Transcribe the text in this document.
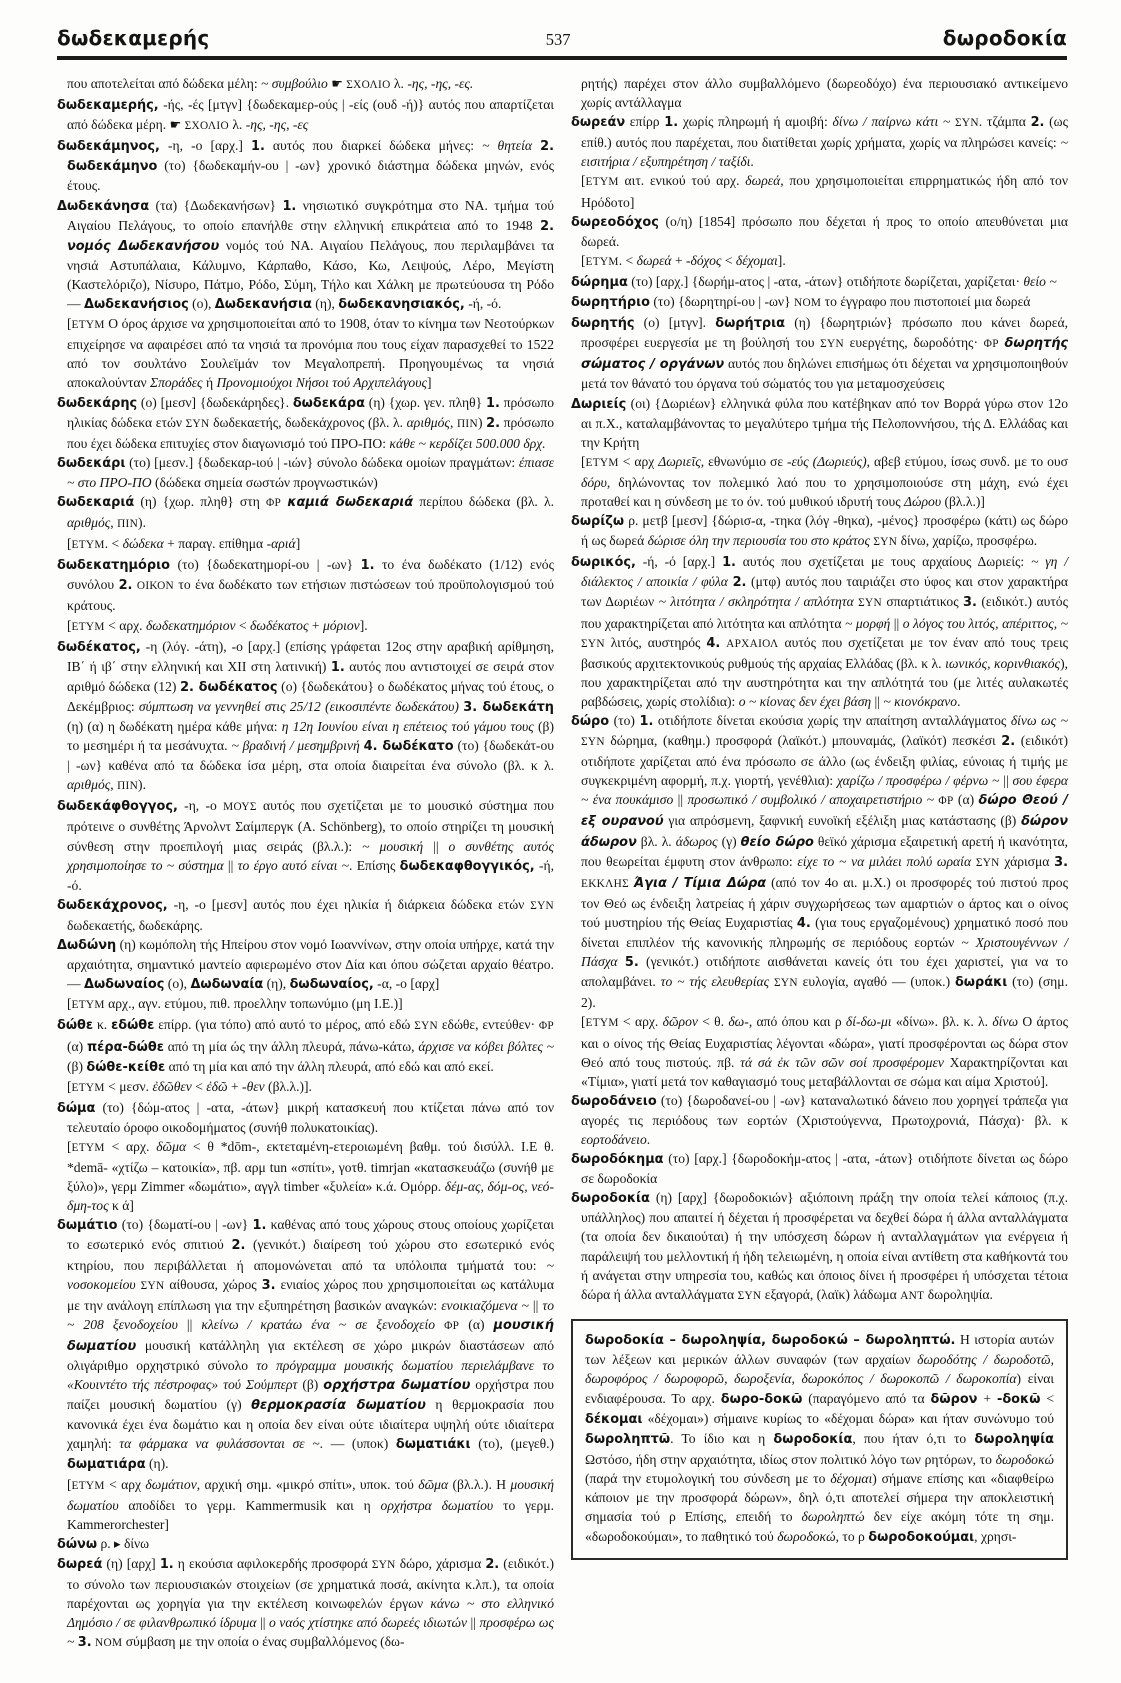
δωδεκαμερής	537	δωροδοκία

που αποτελείται από δώδεκα μέλη: ~ συμβούλιο ☛ ΣΧΟΛΙΟ λ. -ης, -ης, -ες.

δωδεκαμερής, -ής, -ές [μτγν] {δωδεκαμερ-ούς | -είς (ουδ -ή)} αυτός που απαρτίζεται από δώδεκα μέρη. ☛ ΣΧΟΛΙΟ λ. -ης, -ης, -ες

δωδεκάμηνος, -η, -ο [αρχ.] 1. αυτός που διαρκεί δώδεκα μήνες: ~ θητεία 2. δωδεκάμηνο (το) {δωδεκαμήν-ου | -ων} χρονικό διάστημα δώδεκα μηνών, ενός έτους.

Δωδεκάνησα (τα) {Δωδεκανήσων} 1. νησιωτικό συγκρότημα στο ΝΑ. τμήμα τού Αιγαίου Πελάγους, το οποίο επανήλθε στην ελληνική επικράτεια από το 1948 2. νομός Δωδεκανήσου νομός τού ΝΑ. Αιγαίου Πελάγους, που περιλαμβάνει τα νησιά Αστυπάλαια, Κάλυμνο, Κάρπαθο, Κάσο, Κω, Λειψούς, Λέρο, Μεγίστη (Καστελόριζο), Νίσυρο, Πάτμο, Ρόδο, Σύμη, Τήλο και Χάλκη με πρωτεύουσα τη Ρόδο — Δωδεκανήσιος (ο), Δωδεκανήσια (η), δωδεκανησιακός, -ή, -ό.

[ΕΤΥΜ Ο όρος άρχισε να χρησιμοποιείται από το 1908, όταν το κίνημα των Νεοτούρκων επιχείρησε να αφαιρέσει από τα νησιά τα προνόμια που τους είχαν παρασχεθεί το 1522 από τον σουλτάνο Σουλεϊμάν τον Μεγαλοπρεπή. Προηγουμένως τα νησιά αποκαλούνταν Σποράδες ή Προνομιούχοι Νήσοι τού Αρχιπελάγους]

δωδεκάρης (ο) [μεσν] {δωδεκάρηδες}. δωδεκάρα (η) {χωρ. γεν. πληθ} 1. πρόσωπο ηλικίας δώδεκα ετών ΣΥΝ δωδεκαετής, δωδεκάχρονος (βλ. λ. αριθμός, ΠΙΝ) 2. πρόσωπο που έχει δώδεκα επιτυχίες στον διαγωνισμό τού ΠΡΟ-ΠΟ: κάθε ~ κερδίζει 500.000 δρχ.

δωδεκάρι (το) [μεσν.] {δωδεκαρ-ιού | -ιών} σύνολο δώδεκα ομοίων πραγμάτων: έπιασε ~ στο ΠΡΟ-ΠΟ (δώδεκα σημεία σωστών προγνωστικών)

δωδεκαριά (η) {χωρ. πληθ} στη ΦΡ καμιά δωδεκαριά περίπου δώδεκα (βλ. λ. αριθμός, ΠΙΝ).

[ΕΤΥΜ. < δώδεκα + παραγ. επίθημα -αριά]

δωδεκατημόριο (το) {δωδεκατημορί-ου | -ων} 1. το ένα δωδέκατο (1/12) ενός συνόλου 2. ΟΙΚΟΝ το ένα δωδέκατο των ετήσιων πιστώσεων τού προϋπολογισμού τού κράτους.

[ΕΤΥΜ < αρχ. δωδεκατημόριον < δωδέκατος + μόριον].

δωδέκατος, -η (λόγ. -άτη), -ο [αρχ.] (επίσης γράφεται 12ος στην αραβική αρίθμηση, ΙΒ΄ ή ιβ΄ στην ελληνική και XII στη λατινική) 1. αυτός που αντιστοιχεί σε σειρά στον αριθμό δώδεκα (12) 2. δωδέκατος (ο) {δωδεκάτου} ο δωδέκατος μήνας τού έτους, ο Δεκέμβριος: σύμπτωση να γεννηθεί στις 25/12 (εικοσιπέντε δωδεκάτου) 3. δωδεκάτη (η) (α) η δωδέκατη ημέρα κάθε μήνα: η 12η Ιουνίου είναι η επέτειος τού γάμου τους (β) το μεσημέρι ή τα μεσάνυχτα. ~ βραδινή / μεσημβρινή 4. δωδέκατο (το) {δωδεκάτ-ου | -ων} καθένα από τα δώδεκα ίσα μέρη, στα οποία διαιρείται ένα σύνολο (βλ. κ λ. αριθμός, ΠΙΝ).

δωδεκάφθογγος, -η, -ο ΜΟΥΣ αυτός που σχετίζεται με το μουσικό σύστημα που πρότεινε ο συνθέτης Άρνολντ Σαίμπεργκ (A. Schönberg), το οποίο στηρίζει τη μουσική σύνθεση στην προεπιλογή μιας σειράς (βλ.λ.): ~ μουσική || ο συνθέτης αυτός χρησιμοποίησε το ~ σύστημα || το έργο αυτό είναι ~. Επίσης δωδεκαφθογγικός, -ή, -ό.

δωδεκάχρονος, -η, -ο [μεσν] αυτός που έχει ηλικία ή διάρκεια δώδεκα ετών ΣΥΝ δωδεκαετής, δωδεκάρης.

Δωδώνη (η) κωμόπολη τής Ηπείρου στον νομό Ιωαννίνων, στην οποία υπήρχε, κατά την αρχαιότητα, σημαντικό μαντείο αφιερωμένο στον Δία και όπου σώζεται αρχαίο θέατρο. — Δωδωναίος (ο), Δωδωναία (η), δωδωναίος, -α, -ο [αρχ]

[ΕΤΥΜ αρχ., αγν. ετύμου, πιθ. προελλην τοπωνύμιο (μη Ι.Ε.)]

δώθε κ. εδώθε επίρρ. (για τόπο) από αυτό το μέρος, από εδώ ΣΥΝ εδώθε, εντεύθεν· ΦΡ (α) πέρα-δώθε από τη μία ώς την άλλη πλευρά, πάνω-κάτω, άρχισε να κόβει βόλτες ~ (β) δώθε-κείθε από τη μία και από την άλλη πλευρά, από εδώ και από εκεί.

[ΕΤΥΜ < μεσν. ἐδῶθεν < ἐδῶ + -θεν (βλ.λ.)].

δώμα (το) {δώμ-ατος | -ατα, -άτων} μικρή κατασκευή που κτίζεται πάνω από τον τελευταίο όροφο οικοδομήματος (συνήθ πολυκατοικίας).

[ΕΤΥΜ < αρχ. δῶμα < θ *dōm-, εκτεταμένη-ετεροιωμένη βαθμ. τού δισύλλ. Ι.Ε θ. *demā- «χτίζω – κατοικία», πβ. αρμ tun «σπίτι», γοτθ. timrjan «κατασκευάζω (συνήθ με ξύλο)», γερμ Zimmer «δωμάτιο», αγγλ timber «ξυλεία» κ.ά. Ομόρρ. δέμ-ας, δόμ-ος, νεό-δμη-τος κ ά]

δωμάτιο (το) {δωματί-ου | -ων} 1. καθένας από τους χώρους στους οποίους χωρίζεται το εσωτερικό ενός σπιτιού 2. (γενικότ.) διαίρεση τού χώρου στο εσωτερικό ενός κτηρίου, που περιβάλλεται ή απομονώνεται από τα υπόλοιπα τμήματά του: ~ νοσοκομείου ΣΥΝ αίθουσα, χώρος 3. ενιαίος χώρος που χρησιμοποιείται ως κατάλυμα με την ανάλογη επίπλωση για την εξυπηρέτηση βασικών αναγκών: ενοικιαζόμενα ~ || το ~ 208 ξενοδοχείου || κλείνω / κρατάω ένα ~ σε ξενοδοχείο ΦΡ (α) μουσική δωματίου μουσική κατάλληλη για εκτέλεση σε χώρο μικρών διαστάσεων από ολιγάριθμο ορχηστρικό σύνολο το πρόγραμμα μουσικής δωματίου περιελάμβανε το «Κουιντέτο τής πέστροφας» τού Σούμπερτ (β) ορχήστρα δωματίου ορχήστρα που παίζει μουσική δωματίου (γ) θερμοκρασία δωματίου η θερμοκρασία που κανονικά έχει ένα δωμάτιο και η οποία δεν είναι ούτε ιδιαίτερα υψηλή ούτε ιδιαίτερα χαμηλή: τα φάρμακα να φυλάσσονται σε ~. — (υποκ) δωματιάκι (το), (μεγεθ.) δωματιάρα (η).

[ΕΤΥΜ < αρχ δωμάτιον, αρχική σημ. «μικρό σπίτι», υποκ. τού δῶμα (βλ.λ.). Η μουσική δωματίου αποδίδει το γερμ. Kammermusik και η ορχήστρα δωματίου το γερμ. Kammerorchester]

δώνω ρ. ▸ δίνω

δωρεά (η) [αρχ] 1. η εκούσια αφιλοκερδής προσφορά ΣΥΝ δώρο, χάρισμα 2. (ειδικότ.) το σύνολο των περιουσιακών στοιχείων (σε χρηματικά ποσά, ακίνητα κ.λπ.), τα οποία παρέχονται ως χορηγία για την εκτέλεση κοινωφελών έργων κάνω ~ στο ελληνικό Δημόσιο / σε φιλανθρωπικό ίδρυμα || ο ναός χτίστηκε από δωρεές ιδιωτών || προσφέρω ως ~ 3. ΝΟΜ σύμβαση με την οποία ο ένας συμβαλλόμενος (δω-

ρητής) παρέχει στον άλλο συμβαλλόμενο (δωρεοδόχο) ένα περιουσιακό αντικείμενο χωρίς αντάλλαγμα

δωρεάν επίρρ 1. χωρίς πληρωμή ή αμοιβή: δίνω / παίρνω κάτι ~ ΣΥΝ. τζάμπα 2. (ως επίθ.) αυτός που παρέχεται, που διατίθεται χωρίς χρήματα, χωρίς να πληρώσει κανείς: ~ εισιτήρια / εξυπηρέτηση / ταξίδι.

[ΕΤΥΜ αιτ. ενικού τού αρχ. δωρεά, που χρησιμοποιείται επιρρηματικώς ήδη από τον Ηρόδοτο]

δωρεοδόχος (ο/η) [1854] πρόσωπο που δέχεται ή προς το οποίο απευθύνεται μια δωρεά.

[ΕΤΥΜ. < δωρεά + -δόχος < δέχομαι].

δώρημα (το) [αρχ.] {δωρήμ-ατος | -ατα, -άτων} οτιδήποτε δωρίζεται, χαρίζεται· θείο ~

δωρητήριο (το) {δωρητηρί-ου | -ων} ΝΟΜ το έγγραφο που πιστοποιεί μια δωρεά

δωρητής (ο) [μτγν]. δωρήτρια (η) {δωρητριών} πρόσωπο που κάνει δωρεά, προσφέρει ευεργεσία με τη βούλησή του ΣΥΝ ευεργέτης, δωροδότης· ΦΡ δωρητής σώματος / οργάνων αυτός που δηλώνει επισήμως ότι δέχεται να χρησιμοποιηθούν μετά τον θάνατό του όργανα τού σώματός του για μεταμοσχεύσεις

Δωριείς (οι) {Δωριέων} ελληνικά φύλα που κατέβηκαν από τον Βορρά γύρω στον 12ο αι π.Χ., καταλαμβάνοντας το μεγαλύτερο τμήμα τής Πελοποννήσου, τής Δ. Ελλάδας και την Κρήτη

[ΕΤΥΜ < αρχ Δωριεῖς, εθνωνύμιο σε -εύς (Δωριεύς), αβεβ ετύμου, ίσως συνδ. με το ουσ δόρυ, δηλώνοντας τον πολεμικό λαό που το χρησιμοποιούσε στη μάχη, ενώ έχει προταθεί και η σύνδεση με το όν. τού μυθικού ιδρυτή τους Δώρου (βλ.λ.)]

δωρίζω ρ. μετβ [μεσν] {δώρισ-α, -τηκα (λόγ -θηκα), -μένος} προσφέρω (κάτι) ως δώρο ή ως δωρεά δώρισε όλη την περιουσία του στο κράτος ΣΥΝ δίνω, χαρίζω, προσφέρω.

δωρικός, -ή, -ό [αρχ.] 1. αυτός που σχετίζεται με τους αρχαίους Δωριείς: ~ γη / διάλεκτος / αποικία / φύλα 2. (μτφ) αυτός που ταιριάζει στο ύφος και στον χαρακτήρα των Δωριέων ~ λιτότητα / σκληρότητα / απλότητα ΣΥΝ σπαρτιάτικος 3. (ειδικότ.) αυτός που χαρακτηρίζεται από λιτότητα και απλότητα ~ μορφή || ο λόγος του λιτός, απέριττος, ~ ΣΥΝ λιτός, αυστηρός 4. ΑΡΧΑΙΟΛ αυτός που σχετίζεται με τον έναν από τους τρεις βασικούς αρχιτεκτονικούς ρυθμούς τής αρχαίας Ελλάδας (βλ. κ λ. ιωνικός, κορινθιακός), που χαρακτηρίζεται από την αυστηρότητα και την απλότητά του (με λιτές αυλακωτές ραβδώσεις, χωρίς στολίδια): ο ~ κίονας δεν έχει βάση || ~ κιονόκρανο.

δώρο (το) 1. οτιδήποτε δίνεται εκούσια χωρίς την απαίτηση ανταλλάγματος δίνω ως ~ ΣΥΝ δώρημα, (καθημ.) προσφορά (λαϊκότ.) μπουναμάς, (λαϊκότ) πεσκέσι 2. (ειδικότ) οτιδήποτε χαρίζεται από ένα πρόσωπο σε άλλο (ως ένδειξη φιλίας, εύνοιας ή τιμής με συγκεκριμένη αφορμή, π.χ. γιορτή, γενέθλια): χαρίζω / προσφέρω / φέρνω ~ || σου έφερα ~ ένα πουκάμισο || προσωπικό / συμβολικό / αποχαιρετιστήριο ~ ΦΡ (α) δώρο Θεού / εξ ουρανού για απρόσμενη, ξαφνική ευνοϊκή εξέλιξη μιας κατάστασης (β) δώρον άδωρον βλ. λ. άδωρος (γ) θείο δώρο θεϊκό χάρισμα εξαιρετική αρετή ή ικανότητα, που θεωρείται έμφυτη στον άνθρωπο: είχε το ~ να μιλάει πολύ ωραία ΣΥΝ χάρισμα 3. ΕΚΚΛΗΣ Άγια / Τίμια Δώρα (από τον 4ο αι. μ.Χ.) οι προσφορές τού πιστού προς τον Θεό ως ένδειξη λατρείας ή χάριν συγχωρήσεως των αμαρτιών ο άρτος και ο οίνος τού μυστηρίου τής Θείας Ευχαριστίας 4. (για τους εργαζομένους) χρηματικό ποσό που δίνεται επιπλέον τής κανονικής πληρωμής σε περιόδους εορτών ~ Χριστουγέννων / Πάσχα 5. (γενικότ.) οτιδήποτε αισθάνεται κανείς ότι του έχει χαριστεί, για να το απολαμβάνει. το ~ τής ελευθερίας ΣΥΝ ευλογία, αγαθό — (υποκ.) δωράκι (το) (σημ. 2).

[ΕΤΥΜ < αρχ. δῶρον < θ. δω-, από όπου και ρ δί-δω-μι «δίνω». βλ. κ. λ. δίνω Ο άρτος και ο οίνος τής Θείας Ευχαριστίας λέγονται «δώρα», γιατί προσφέρονται ως δώρα στον Θεό από τους πιστούς. πβ. τά σά ἐκ τῶν σῶν σοί προσφέρομεν Χαρακτηρίζονται και «Τίμια», γιατί μετά τον καθαγιασμό τους μεταβάλλονται σε σώμα και αίμα Χριστού].

δωροδάνειο (το) {δωροδανεί-ου | -ων} καταναλωτικό δάνειο που χορηγεί τράπεζα για αγορές τις περιόδους των εορτών (Χριστούγεννα, Πρωτοχρονιά, Πάσχα)· βλ. κ εορτοδάνειο.

δωροδόκημα (το) [αρχ.] {δωροδοκήμ-ατος | -ατα, -άτων} οτιδήποτε δίνεται ως δώρο σε δωροδοκία

δωροδοκία (η) [αρχ] {δωροδοκιών} αξιόποινη πράξη την οποία τελεί κάποιος (π.χ. υπάλληλος) που απαιτεί ή δέχεται ή προσφέρεται να δεχθεί δώρα ή άλλα ανταλλάγματα (τα οποία δεν δικαιούται) ή την υπόσχεση δώρων ή ανταλλαγμάτων για ενέργεια ή παράλειψή του μελλοντική ή ήδη τελειωμένη, η οποία είναι αντίθετη στα καθήκοντά του ή ανάγεται στην υπηρεσία του, καθώς και όποιος δίνει ή προσφέρει ή υπόσχεται τέτοια δώρα ή άλλα ανταλλάγματα ΣΥΝ εξαγορά, (λαϊκ) λάδωμα ΑΝΤ δωροληψία.

δωροδοκία – δωροληψία, δωροδοκώ – δωροληπτώ. Η ιστορία αυτών των λέξεων και μερικών άλλων συναφών (των αρχαίων δωροδότης / δωροδοτῶ, δωροφόρος / δωροφορῶ, δωροξενία, δωροκόπος / δωροκοπῶ / δωροκοπία) είναι ενδιαφέρουσα. Το αρχ. δωρο-δοκῶ (παραγόμενο από τα δῶρον + -δοκῶ < δέκομαι «δέχομαι») σήμαινε κυρίως το «δέχομαι δώρα» και ήταν συνώνυμο τού δωροληπτῶ. Το ίδιο και η δωροδοκία, που ήταν ό,τι το δωροληψία Ωστόσο, ήδη στην αρχαιότητα, ιδίως στον πολιτικό λόγο των ρητόρων, το δωροδοκώ (παρά την ετυμολογική του σύνδεση με το δέχομαι) σήμανε επίσης και «διαφθείρω κάποιον με την προσφορά δώρων», δηλ ό,τι αποτελεί σήμερα την αποκλειστική σημασία τού ρ Επίσης, επειδή το δωροληπτώ δεν είχε ακόμη τότε τη σημ. «δωροδοκούμαι», το παθητικό τού δωροδοκώ, το ρ δωροδοκούμαι, χρησι-
